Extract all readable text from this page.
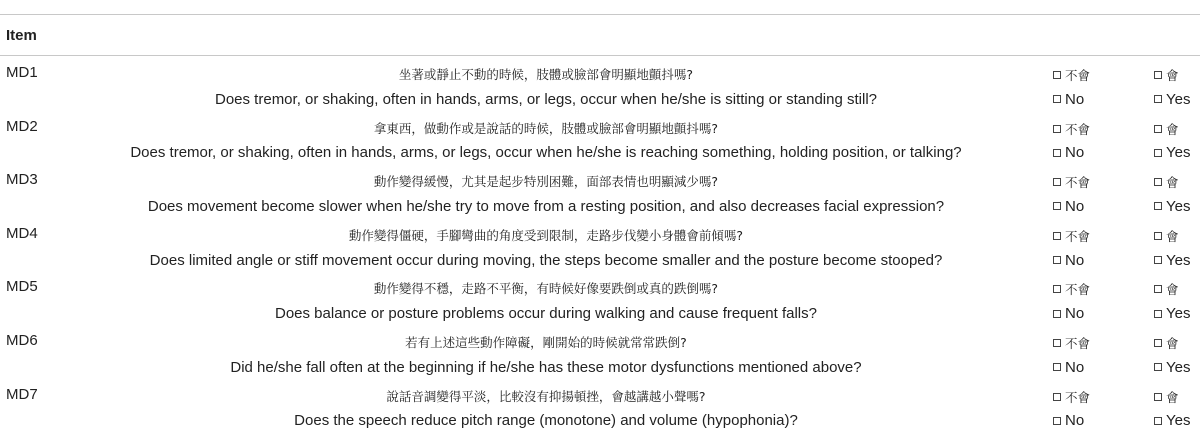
Item
MD1	坐著或靜止不動的時候，肢體或臉部會明顯地顫抖嗎?	不會	會
Does tremor, or shaking, often in hands, arms, or legs, occur when he/she is sitting or standing still?	No	Yes
MD2	拿東西，做動作或是說話的時候，肢體或臉部會明顯地顫抖嗎?	不會	會
Does tremor, or shaking, often in hands, arms, or legs, occur when he/she is reaching something, holding position, or talking?	No	Yes
MD3	動作變得緩慢，尤其是起步特別困難，面部表情也明顯減少嗎?	不會	會
Does movement become slower when he/she try to move from a resting position, and also decreases facial expression?	No	Yes
MD4	動作變得僵硬，手腳彎曲的角度受到限制，走路步伐變小身體會前傾嗎?	不會	會
Does limited angle or stiff movement occur during moving, the steps become smaller and the posture become stooped?	No	Yes
MD5	動作變得不穩，走路不平衡，有時候好像要跌倒或真的跌倒嗎?	不會	會
Does balance or posture problems occur during walking and cause frequent falls?	No	Yes
MD6	若有上述這些動作障礙，剛開始的時候就常常跌倒?	不會	會
Did he/she fall often at the beginning if he/she has these motor dysfunctions mentioned above?	No	Yes
MD7	說話音調變得平淡，比較沒有抑揚頓挫，會越講越小聲嗎?	不會	會
Does the speech reduce pitch range (monotone) and volume (hypophonia)?	No	Yes
